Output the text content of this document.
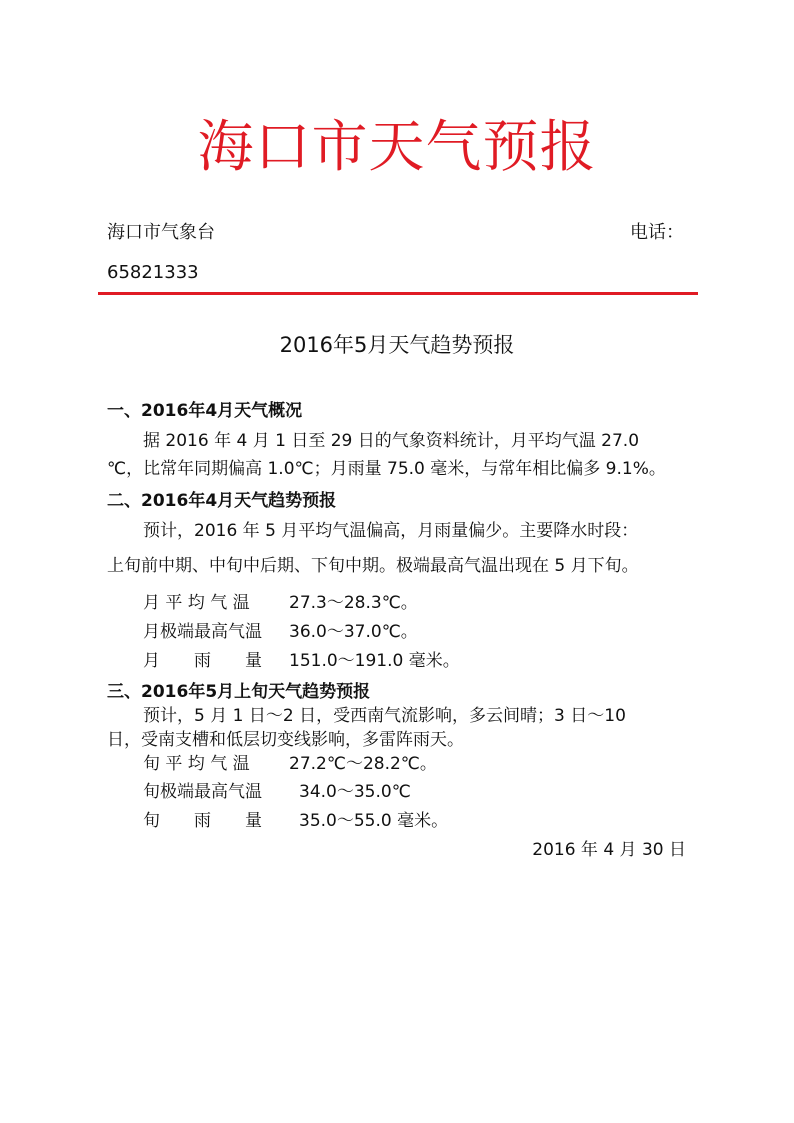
海口市天气预报
海口市气象台	电话：
65821333
2016年5月天气趋势预报
一、2016年4月天气概况
据 2016 年 4 月 1 日至 29 日的气象资料统计，月平均气温 27.0
℃，比常年同期偏高 1.0℃；月雨量 75.0 毫米，与常年相比偏多 9.1%。
二、2016年4月天气趋势预报
预计，2016 年 5 月平均气温偏高，月雨量偏少。主要降水时段：
上旬前中期、中旬中后期、下旬中期。极端最高气温出现在 5 月下旬。
月 平 均 气 温 27.3～28.3℃。
月极端最高气温 36.0～37.0℃。
月　　雨　　量 151.0～191.0 毫米。
三、2016年5月上旬天气趋势预报
预计，5 月 1 日～2 日，受西南气流影响，多云间晴；3 日～10
日，受南支槽和低层切变线影响，多雷阵雨天。
旬 平 均 气 温 27.2℃～28.2℃。
旬极端最高气温 34.0～35.0℃
旬　　雨　　量 35.0～55.0 毫米。
2016 年 4 月 30 日
